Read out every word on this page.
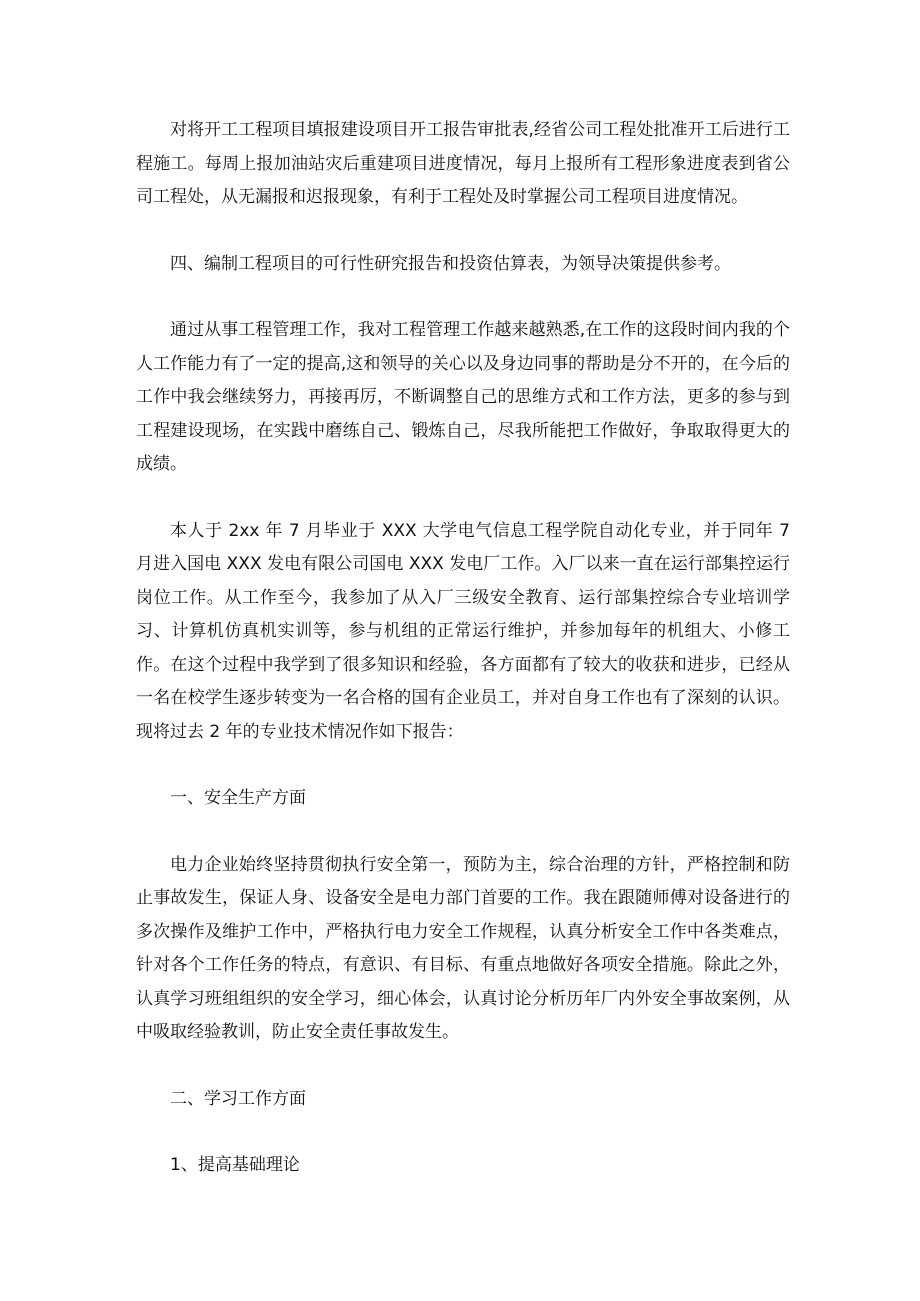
对将开工工程项目填报建设项目开工报告审批表,经省公司工程处批准开工后进行工程施工。每周上报加油站灾后重建项目进度情况，每月上报所有工程形象进度表到省公司工程处，从无漏报和迟报现象，有利于工程处及时掌握公司工程项目进度情况。

四、编制工程项目的可行性研究报告和投资估算表，为领导决策提供参考。

通过从事工程管理工作，我对工程管理工作越来越熟悉,在工作的这段时间内我的个人工作能力有了一定的提高,这和领导的关心以及身边同事的帮助是分不开的，在今后的工作中我会继续努力，再接再厉，不断调整自己的思维方式和工作方法，更多的参与到工程建设现场，在实践中磨练自己、锻炼自己，尽我所能把工作做好，争取取得更大的成绩。

本人于 2xx 年 7 月毕业于 XXX 大学电气信息工程学院自动化专业，并于同年 7 月进入国电 XXX 发电有限公司国电 XXX 发电厂工作。入厂以来一直在运行部集控运行岗位工作。从工作至今，我参加了从入厂三级安全教育、运行部集控综合专业培训学习、计算机仿真机实训等，参与机组的正常运行维护，并参加每年的机组大、小修工作。在这个过程中我学到了很多知识和经验，各方面都有了较大的收获和进步，已经从一名在校学生逐步转变为一名合格的国有企业员工，并对自身工作也有了深刻的认识。现将过去 2 年的专业技术情况作如下报告：

一、安全生产方面

电力企业始终坚持贯彻执行安全第一，预防为主，综合治理的方针，严格控制和防止事故发生，保证人身、设备安全是电力部门首要的工作。我在跟随师傅对设备进行的多次操作及维护工作中，严格执行电力安全工作规程，认真分析安全工作中各类难点，针对各个工作任务的特点，有意识、有目标、有重点地做好各项安全措施。除此之外，认真学习班组组织的安全学习，细心体会，认真讨论分析历年厂内外安全事故案例，从中吸取经验教训，防止安全责任事故发生。

二、学习工作方面

1、提高基础理论
